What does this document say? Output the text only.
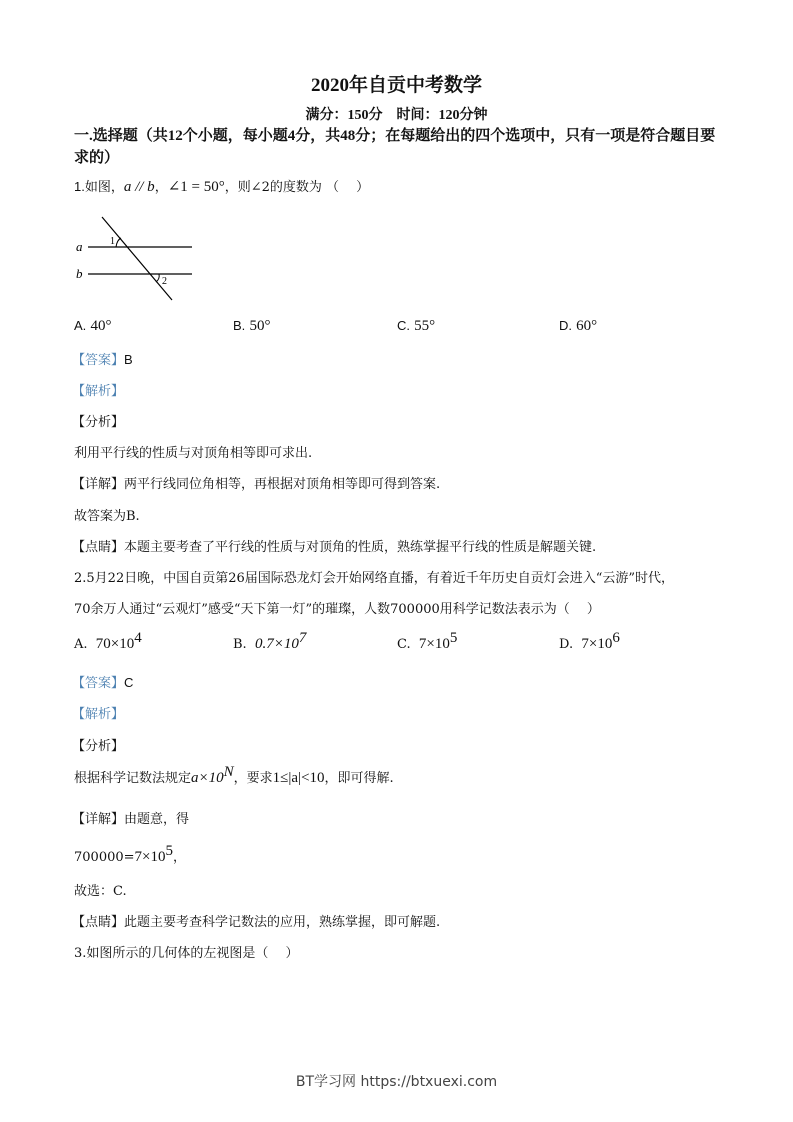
2020年自贡中考数学
满分：150分　时间：120分钟
一.选择题（共12个小题，每小题4分，共48分；在每题给出的四个选项中，只有一项是符合题目要求的）
1.如图，a // b，∠1 = 50°，则∠2的度数为 （　 ）
a
b
1
2
A. 40°	B. 50°	C. 55°	D. 60°
【答案】B
【解析】
【分析】
利用平行线的性质与对顶角相等即可求出.
【详解】两平行线同位角相等，再根据对顶角相等即可得到答案.
故答案为B.
【点睛】本题主要考查了平行线的性质与对顶角的性质，熟练掌握平行线的性质是解题关键.
2.5月22日晚，中国自贡第26届国际恐龙灯会开始网络直播，有着近千年历史自贡灯会进入“云游”时代，
70余万人通过“云观灯”感受“天下第一灯”的璀璨，人数700000用科学记数法表示为（　 ）
A. $70\times 10^4$	B. $0.7\times 10^7$	C. $7\times 10^5$	D. $7\times 10^6$
【答案】C
【解析】
【分析】
根据科学记数法规定$a\times 10^N$，要求1≤|a|<10，即可得解.
【详解】由题意，得
$700000=7\times 10^5$，
故选：C.
【点睛】此题主要考查科学记数法的应用，熟练掌握，即可解题.
3.如图所示的几何体的左视图是（　 ）
BT学习网 https://btxuexi.com
